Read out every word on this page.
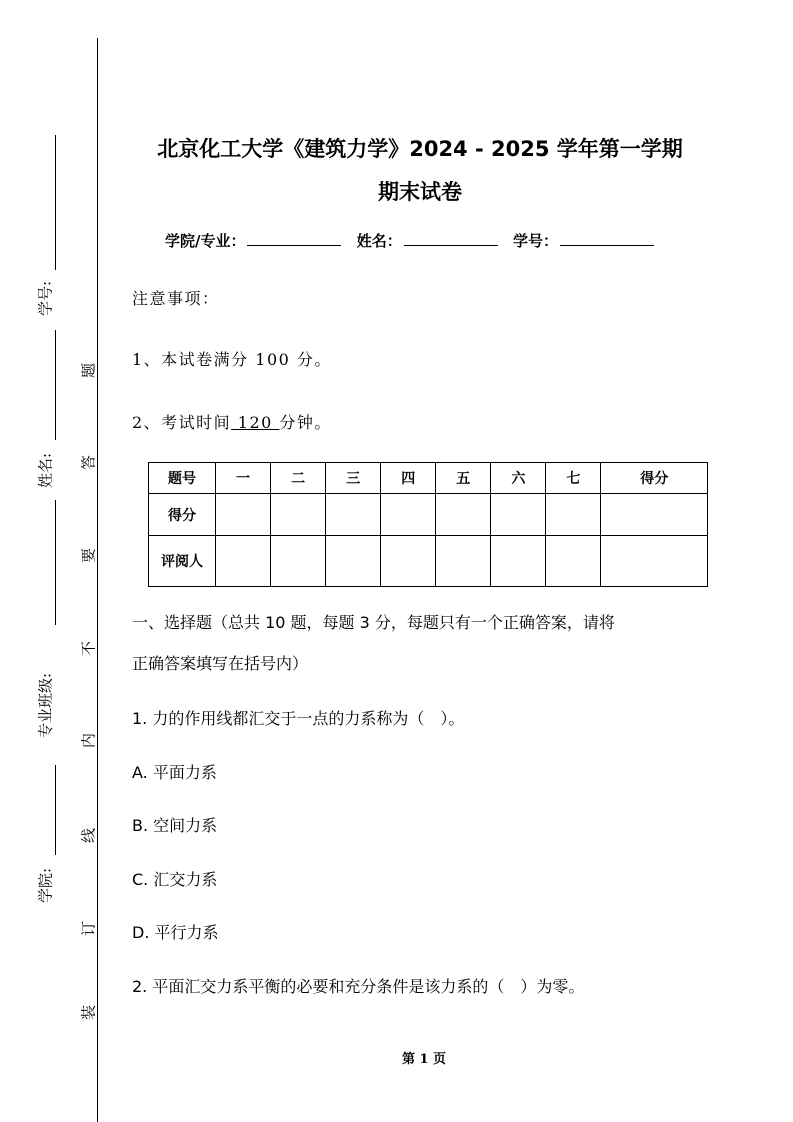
学号:
姓名:
专业班级:
学院:
题
答
要
不
内
线
订
装
北京化工大学《建筑力学》2024 - 2025 学年第一学期
期末试卷
学院/专业：	姓名：	学号：
注意事项：
1、本试卷满分 100 分。
2、考试时间 120 分钟。
题号	一	二	三	四	五	六	七	得分
得分								
评阅人								
一、选择题（总共 10 题，每题 3 分，每题只有一个正确答案，请将
正确答案填写在括号内）
1. 力的作用线都汇交于一点的力系称为（　）。
A. 平面力系
B. 空间力系
C. 汇交力系
D. 平行力系
2. 平面汇交力系平衡的必要和充分条件是该力系的（　）为零。
第 1 页
